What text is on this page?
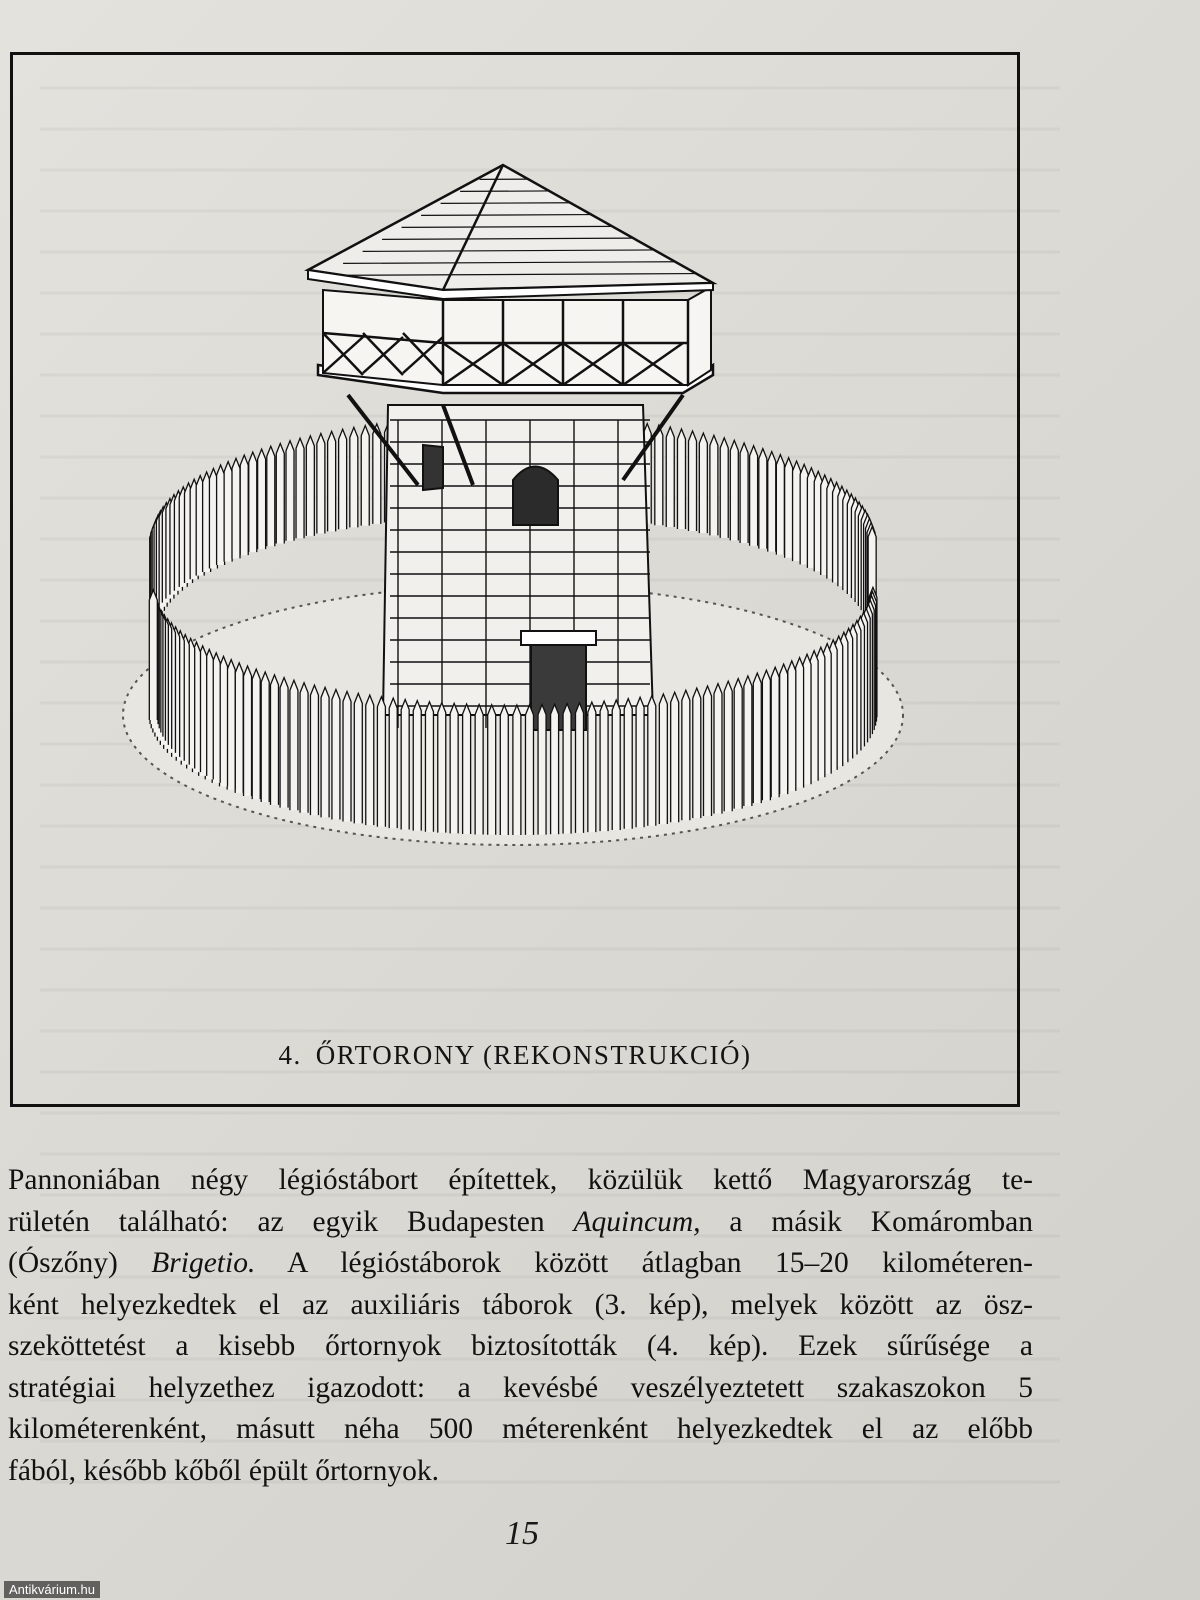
4. ŐRTORONY (REKONSTRUKCIÓ)
Pannoniában négy légióstábort építettek, közülük kettő Magyarország te-
rületén található: az egyik Budapesten Aquincum, a másik Komáromban
(Ószőny) Brigetio. A légióstáborok között átlagban 15–20 kilométeren-
ként helyezkedtek el az auxiliáris táborok (3. kép), melyek között az ösz-
szeköttetést a kisebb őrtornyok biztosították (4. kép). Ezek sűrűsége a
stratégiai helyzethez igazodott: a kevésbé veszélyeztetett szakaszokon 5
kilométerenként, másutt néha 500 méterenként helyezkedtek el az előbb
fából, később kőből épült őrtornyok.
15
Antikvárium.hu
